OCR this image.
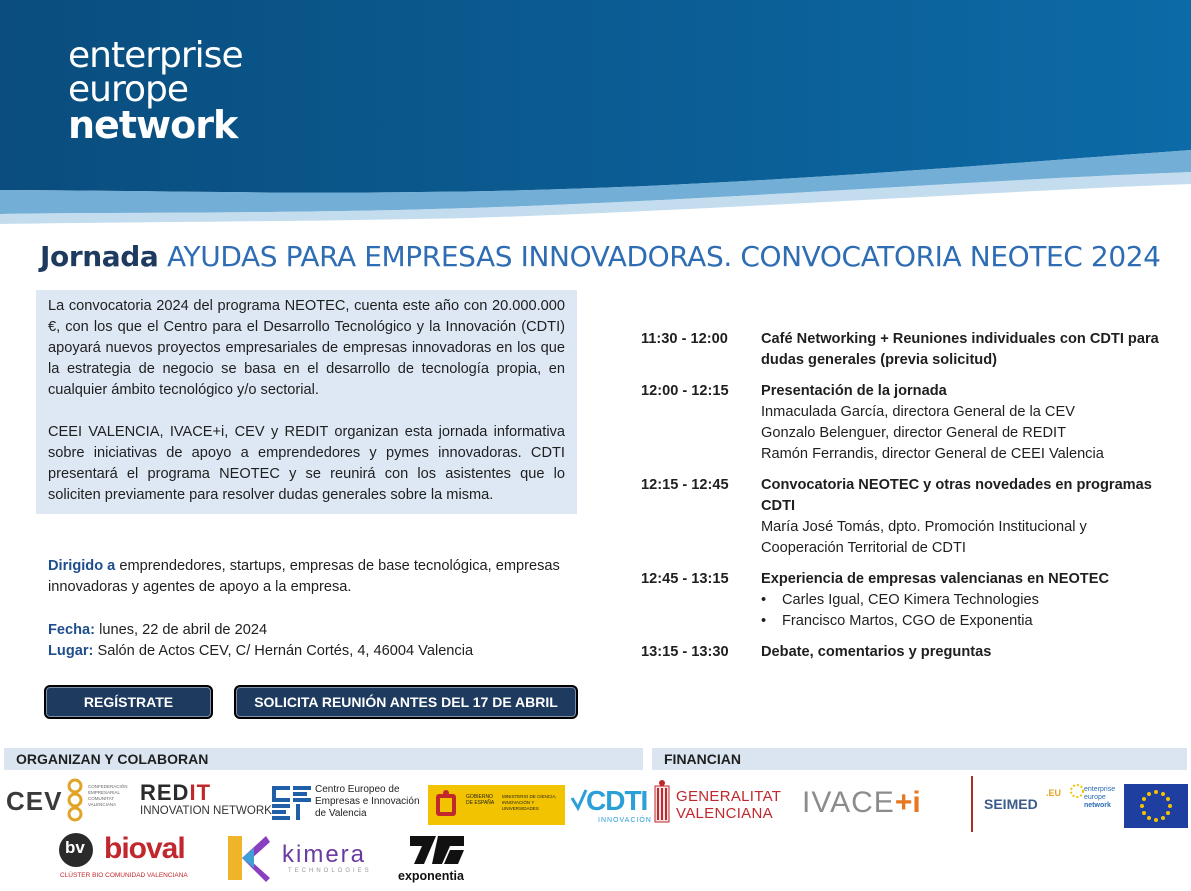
enterprise
europe
network
Jornada AYUDAS PARA EMPRESAS INNOVADORAS. CONVOCATORIA NEOTEC 2024

La convocatoria 2024 del programa NEOTEC, cuenta este año con 20.000.000 €, con los que el Centro para el Desarrollo Tecnológico y la Innovación (CDTI) apoyará nuevos proyectos empresariales de empresas innovadoras en los que la estrategia de negocio se basa en el desarrollo de tecnología propia, en cualquier ámbito tecnológico y/o sectorial.

CEEI VALENCIA, IVACE+i, CEV y REDIT organizan esta jornada informativa sobre iniciativas de apoyo a emprendedores y pymes innovadoras. CDTI presentará el programa NEOTEC y se reunirá con los asistentes que lo soliciten previamente para resolver dudas generales sobre la misma.

Dirigido a emprendedores, startups, empresas de base tecnológica, empresas innovadoras y agentes de apoyo a la empresa.
Fecha: lunes, 22 de abril de 2024
Lugar: Salón de Actos CEV, C/ Hernán Cortés, 4, 46004 Valencia
REGÍSTRATE	SOLICITA REUNIÓN ANTES DEL 17 DE ABRIL
11:30 - 12:00	Café Networking + Reuniones individuales con CDTI para dudas generales (previa solicitud)
12:00 - 12:15	Presentación de la jornada
Inmaculada García, directora General de la CEV
Gonzalo Belenguer, director General de REDIT
Ramón Ferrandis, director General de CEEI Valencia
12:15 - 12:45	Convocatoria NEOTEC y otras novedades en programas CDTI
María José Tomás, dpto. Promoción Institucional y Cooperación Territorial de CDTI
12:45 - 13:15	Experiencia de empresas valencianas en NEOTEC
• Carles Igual, CEO Kimera Technologies
• Francisco Martos, CGO de Exponentia
13:15 - 13:30	Debate, comentarios y preguntas
ORGANIZAN Y COLABORAN	FINANCIAN
CEV	CONFEDERACIÓN EMPRESARIAL COMUNITAT VALENCIANA	REDIT
INNOVATION NETWORK
Centro Europeo de Empresas e Innovación de Valencia
GOBIERNO DE ESPAÑA
MINISTERIO DE CIENCIA, INNOVACIÓN Y UNIVERSIDADES	CDTI
INNOVACIÓN
bv bioval
CLÚSTER BIO COMUNIDAD VALENCIANA
kimera
TECHNOLOGIES exponentia
GENERALITAT
VALENCIANA IVACE+i	SEIMED
.EU	enterprise
europe
network
